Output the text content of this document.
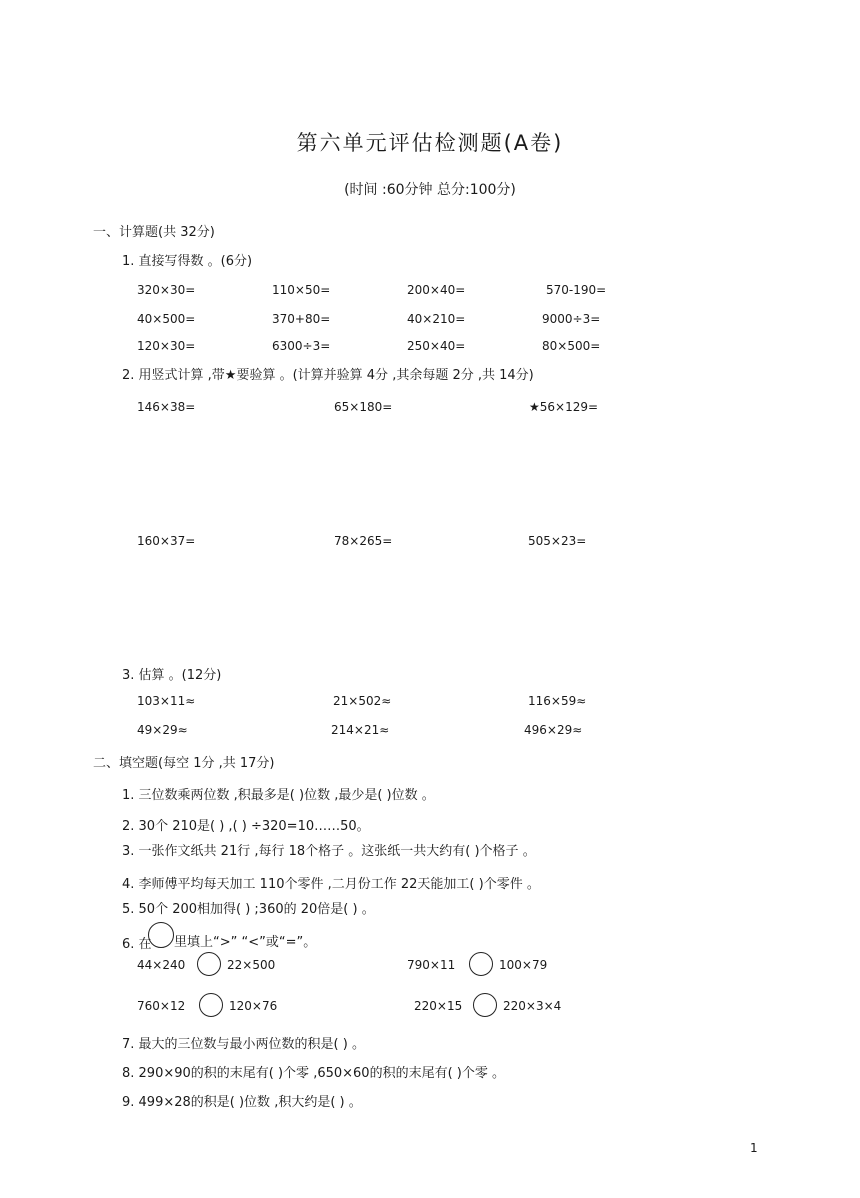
第六单元评估检测题(A卷)
(时间 :60分钟 总分:100分)
一、计算题(共 32分)
1. 直接写得数 。(6分)
320×30=	110×50=	200×40=	570-190=
40×500=	370+80=	40×210=	9000÷3=
120×30=	6300÷3=	250×40=	80×500=
2. 用竖式计算 ,带★要验算 。(计算并验算 4分 ,其余每题 2分 ,共 14分)
146×38=	65×180=	★56×129=
160×37=	78×265=	505×23=
3. 估算 。(12分)
103×11≈	21×502≈	116×59≈
49×29≈	214×21≈	496×29≈
二、填空题(每空 1分 ,共 17分)
1. 三位数乘两位数 ,积最多是( )位数 ,最少是( )位数 。
2. 30个 210是( ) ,( ) ÷320=10……50。
3. 一张作文纸共 21行 ,每行 18个格子 。这张纸一共大约有( )个格子 。
4. 李师傅平均每天加工 110个零件 ,二月份工作 22天能加工( )个零件 。
5. 50个 200相加得( ) ;360的 20倍是( ) 。
6. 在 里填上“>” “<”或“=”。
44×240	22×500	790×11	100×79
760×12	120×76	220×15	220×3×4
7. 最大的三位数与最小两位数的积是( ) 。
8. 290×90的积的末尾有( )个零 ,650×60的积的末尾有( )个零 。
9. 499×28的积是( )位数 ,积大约是( ) 。
1
